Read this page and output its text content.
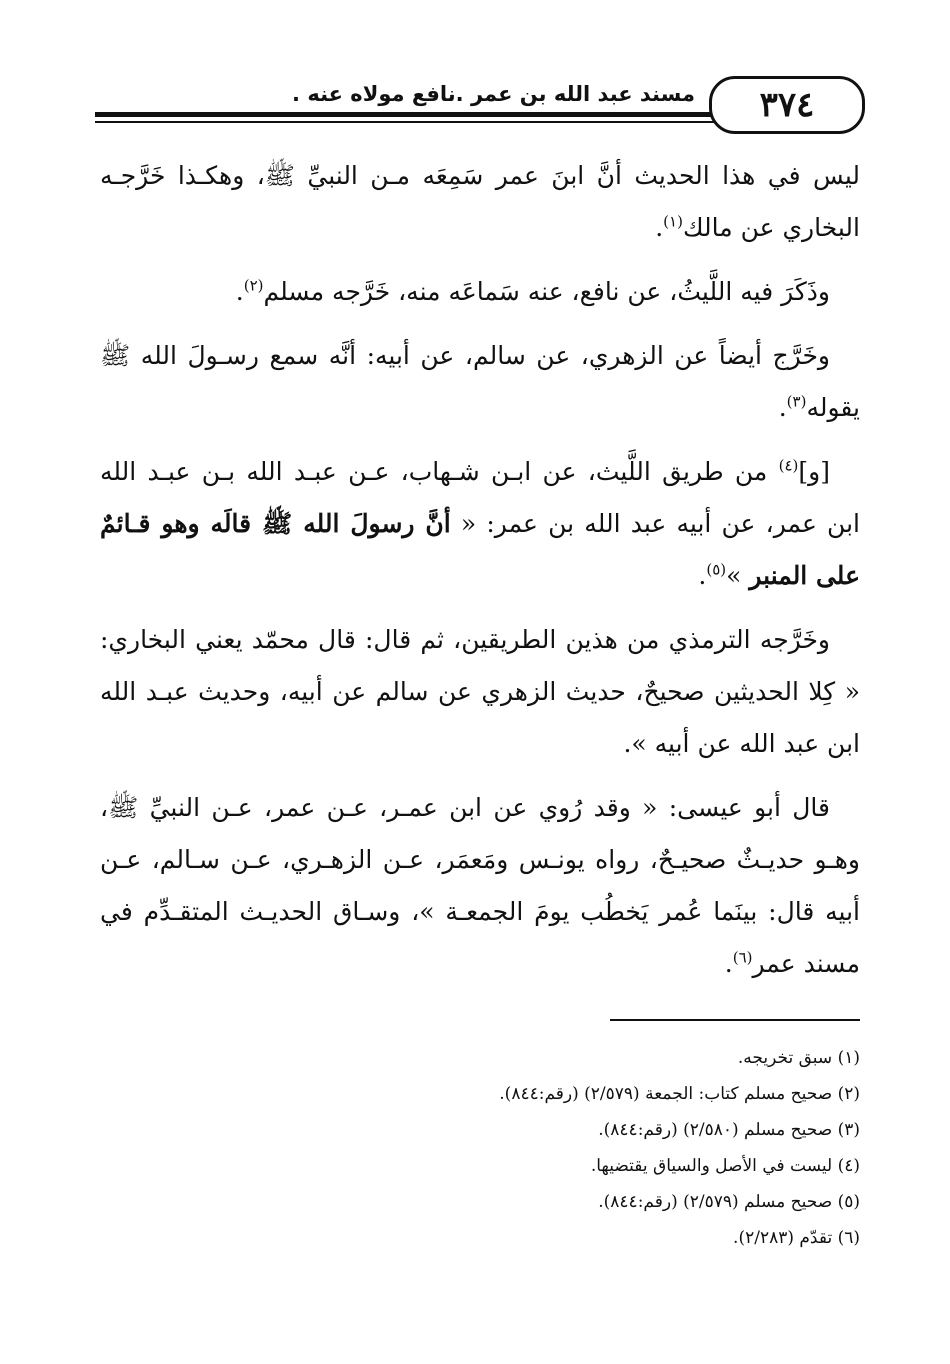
مسند عبد الله بن عمر .نافع مولاه عنه . ٣٧٤

ليس في هذا الحديث أنَّ ابنَ عمر سَمِعَه مـن النبيِّ ﷺ، وهكـذا خَرَّجـه البخاري عن مالك$^{(١)}$.

وذَكَرَ فيه اللَّيثُ، عن نافع، عنه سَماعَه منه، خَرَّجه مسلم$^{(٢)}$.

وخَرَّج أيضاً عن الزهري، عن سالم، عن أبيه: أنَّه سمع رسـولَ الله ﷺ يقوله$^{(٣)}$.

[و]$^{(٤)}$ من طريق اللَّيث، عن ابـن شـهاب، عـن عبـد الله بـن عبـد الله ابن عمر، عن أبيه عبد الله بن عمر: « أنَّ رسولَ الله ﷺ قالَه وهو قـائمٌ على المنبر »$^{(٥)}$.

وخَرَّجه الترمذي من هذين الطريقين، ثم قال: قال محمّد يعني البخاري: « كِلا الحديثين صحيحٌ، حديث الزهري عن سالم عن أبيه، وحديث عبـد الله ابن عبد الله عن أبيه ».

قال أبو عيسى: « وقد رُوي عن ابن عمـر، عـن عمر، عـن النبيِّ ﷺ، وهـو حديـثٌ صحيـحٌ، رواه يونـس ومَعمَر، عـن الزهـري، عـن سـالم، عـن أبيه قال: بينَما عُمر يَخطُب يومَ الجمعـة »، وسـاق الحديـث المتقـدِّم في مسند عمر$^{(٦)}$.

(١) سبق تخريجه.
(٢) صحيح مسلم كتاب: الجمعة (٢/٥٧٩) (رقم:٨٤٤).
(٣) صحيح مسلم (٢/٥٨٠) (رقم:٨٤٤).
(٤) ليست في الأصل والسياق يقتضيها.
(٥) صحيح مسلم (٢/٥٧٩) (رقم:٨٤٤).
(٦) تقدّم (٢/٢٨٣).
